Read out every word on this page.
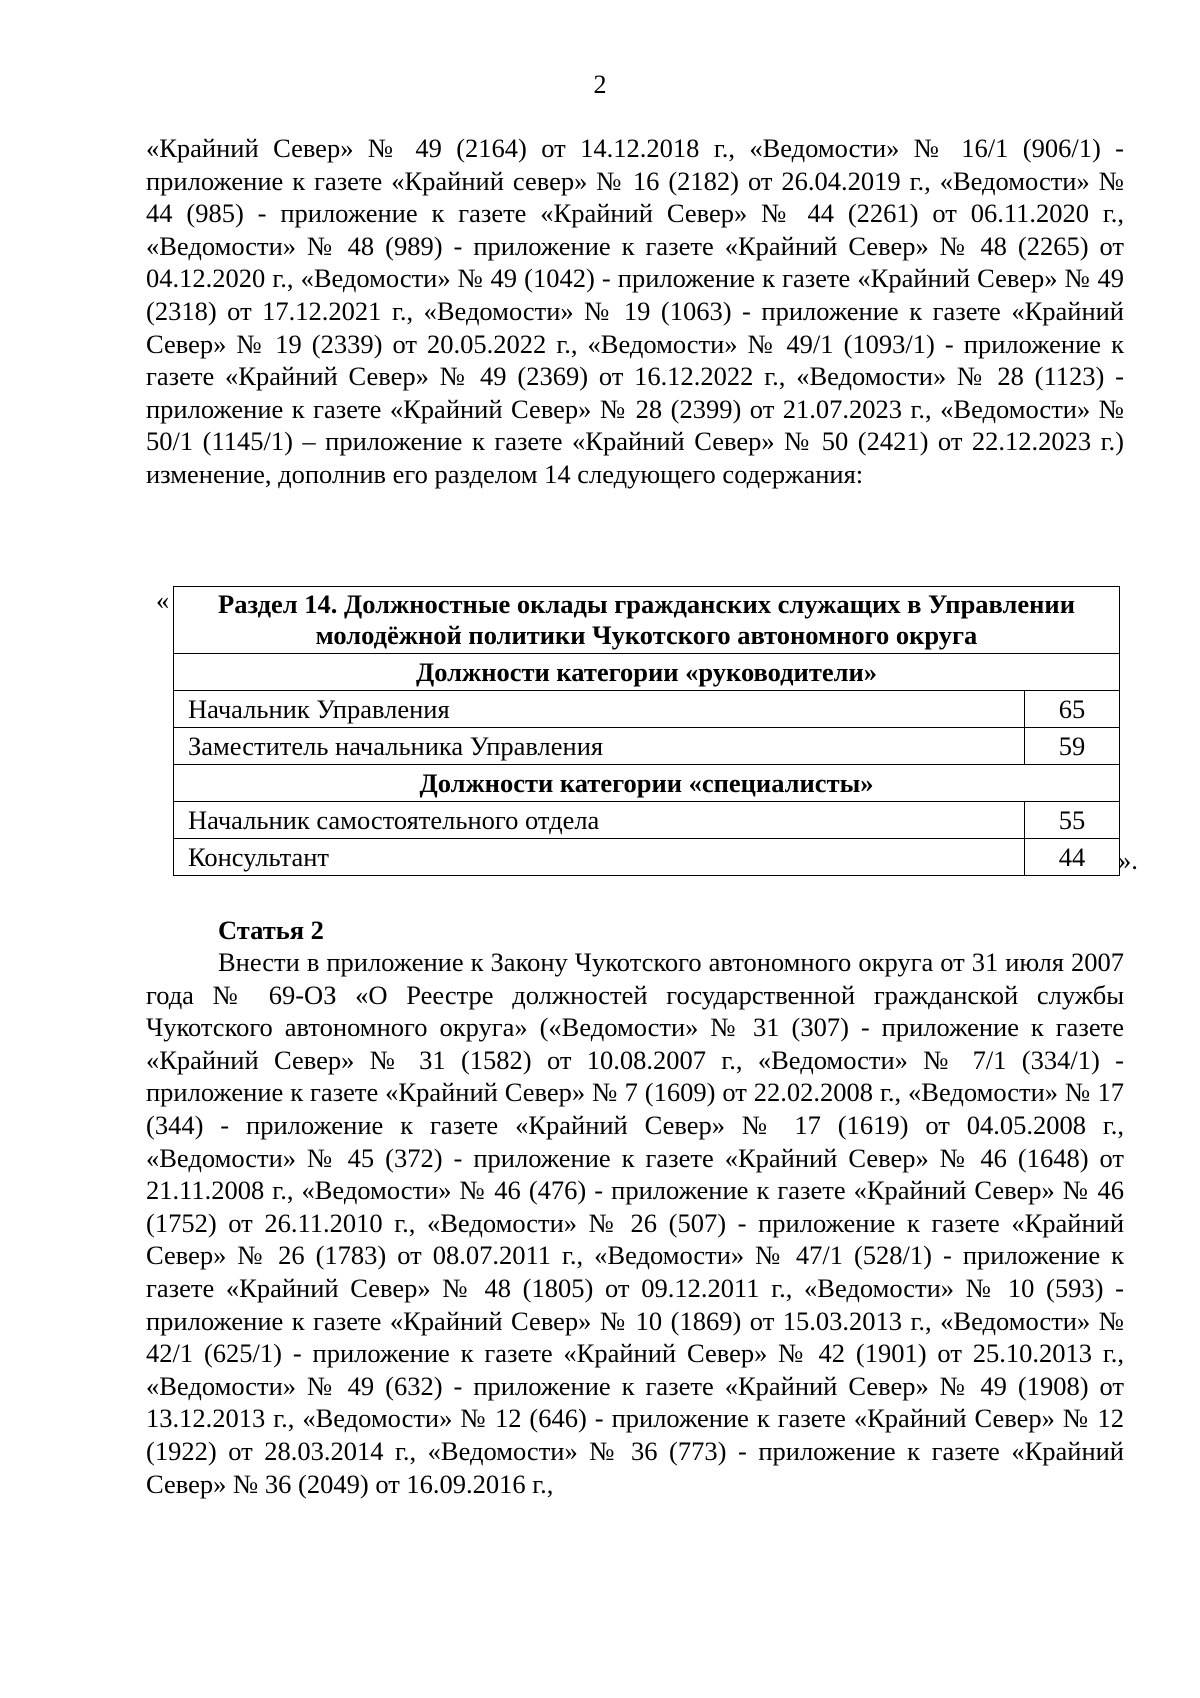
2

«Крайний Север» № 49 (2164) от 14.12.2018 г., «Ведомости» № 16/1 (906/1) - приложение к газете «Крайний север» № 16 (2182) от 26.04.2019 г., «Ведомости» № 44 (985) - приложение к газете «Крайний Север» № 44 (2261) от 06.11.2020 г., «Ведомости» № 48 (989) - приложение к газете «Крайний Север» № 48 (2265) от 04.12.2020 г., «Ведомости» № 49 (1042) - приложение к газете «Крайний Север» № 49 (2318) от 17.12.2021 г., «Ведомости» № 19 (1063) - приложение к газете «Крайний Север» № 19 (2339) от 20.05.2022 г., «Ведомости» № 49/1 (1093/1) - приложение к газете «Крайний Север» № 49 (2369) от 16.12.2022 г., «Ведомости» № 28 (1123) - приложение к газете «Крайний Север» № 28 (2399) от 21.07.2023 г., «Ведомости» № 50/1 (1145/1) – приложение к газете «Крайний Север» № 50 (2421) от 22.12.2023 г.) изменение, дополнив его разделом 14 следующего содержания:

« Раздел 14. Должностные оклады гражданских служащих в Управлении молодёжной политики Чукотского автономного округа	
Должности категории «руководители»	
Начальник Управления	65
Заместитель начальника Управления	59
Должности категории «специалисты»	
Начальник самостоятельного отдела	55
Консультант	44 ».
Статья 2

Внести в приложение к Закону Чукотского автономного округа от 31 июля 2007 года № 69-ОЗ «О Реестре должностей государственной гражданской службы Чукотского автономного округа» («Ведомости» № 31 (307) - приложение к газете «Крайний Север» № 31 (1582) от 10.08.2007 г., «Ведомости» № 7/1 (334/1) - приложение к газете «Крайний Север» № 7 (1609) от 22.02.2008 г., «Ведомости» № 17 (344) - приложение к газете «Крайний Север» № 17 (1619) от 04.05.2008 г., «Ведомости» № 45 (372) - приложение к газете «Крайний Север» № 46 (1648) от 21.11.2008 г., «Ведомости» № 46 (476) - приложение к газете «Крайний Север» № 46 (1752) от 26.11.2010 г., «Ведомости» № 26 (507) - приложение к газете «Крайний Север» № 26 (1783) от 08.07.2011 г., «Ведомости» № 47/1 (528/1) - приложение к газете «Крайний Север» № 48 (1805) от 09.12.2011 г., «Ведомости» № 10 (593) - приложение к газете «Крайний Север» № 10 (1869) от 15.03.2013 г., «Ведомости» № 42/1 (625/1) - приложение к газете «Крайний Север» № 42 (1901) от 25.10.2013 г., «Ведомости» № 49 (632) - приложение к газете «Крайний Север» № 49 (1908) от 13.12.2013 г., «Ведомости» № 12 (646) - приложение к газете «Крайний Север» № 12 (1922) от 28.03.2014 г., «Ведомости» № 36 (773) - приложение к газете «Крайний Север» № 36 (2049) от 16.09.2016 г.,
